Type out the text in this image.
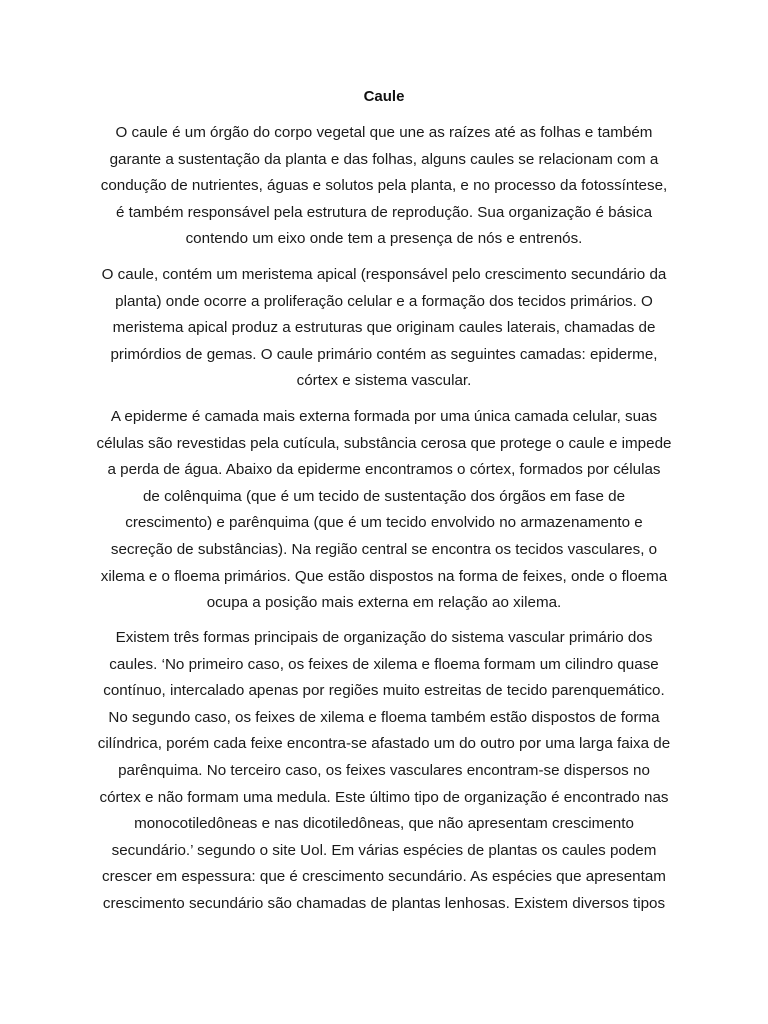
Caule

O caule é um órgão do corpo vegetal que une as raízes até as folhas e também
garante a sustentação da planta e das folhas, alguns caules se relacionam com a
condução de nutrientes, águas e solutos pela planta, e no processo da fotossíntese,
é também responsável pela estrutura de reprodução. Sua organização é básica
contendo um eixo onde tem a presença de nós e entrenós.

O caule, contém um meristema apical (responsável pelo crescimento secundário da
planta) onde ocorre a proliferação celular e a formação dos tecidos primários. O
meristema apical produz a estruturas que originam caules laterais, chamadas de
primórdios de gemas. O caule primário contém as seguintes camadas: epiderme,
córtex e sistema vascular.

A epiderme é camada mais externa formada por uma única camada celular, suas
células são revestidas pela cutícula, substância cerosa que protege o caule e impede
a perda de água. Abaixo da epiderme encontramos o córtex, formados por células
de colênquima (que é um tecido de sustentação dos órgãos em fase de
crescimento) e parênquima (que é um tecido envolvido no armazenamento e
secreção de substâncias). Na região central se encontra os tecidos vasculares, o
xilema e o floema primários. Que estão dispostos na forma de feixes, onde o floema
ocupa a posição mais externa em relação ao xilema.

Existem três formas principais de organização do sistema vascular primário dos
caules. ‘No primeiro caso, os feixes de xilema e floema formam um cilindro quase
contínuo, intercalado apenas por regiões muito estreitas de tecido parenquemático.
No segundo caso, os feixes de xilema e floema também estão dispostos de forma
cilíndrica, porém cada feixe encontra-se afastado um do outro por uma larga faixa de
parênquima. No terceiro caso, os feixes vasculares encontram-se dispersos no
córtex e não formam uma medula. Este último tipo de organização é encontrado nas
monocotiledôneas e nas dicotiledôneas, que não apresentam crescimento
secundário.’ segundo o site Uol. Em várias espécies de plantas os caules podem
crescer em espessura: que é crescimento secundário. As espécies que apresentam
crescimento secundário são chamadas de plantas lenhosas. Existem diversos tipos
